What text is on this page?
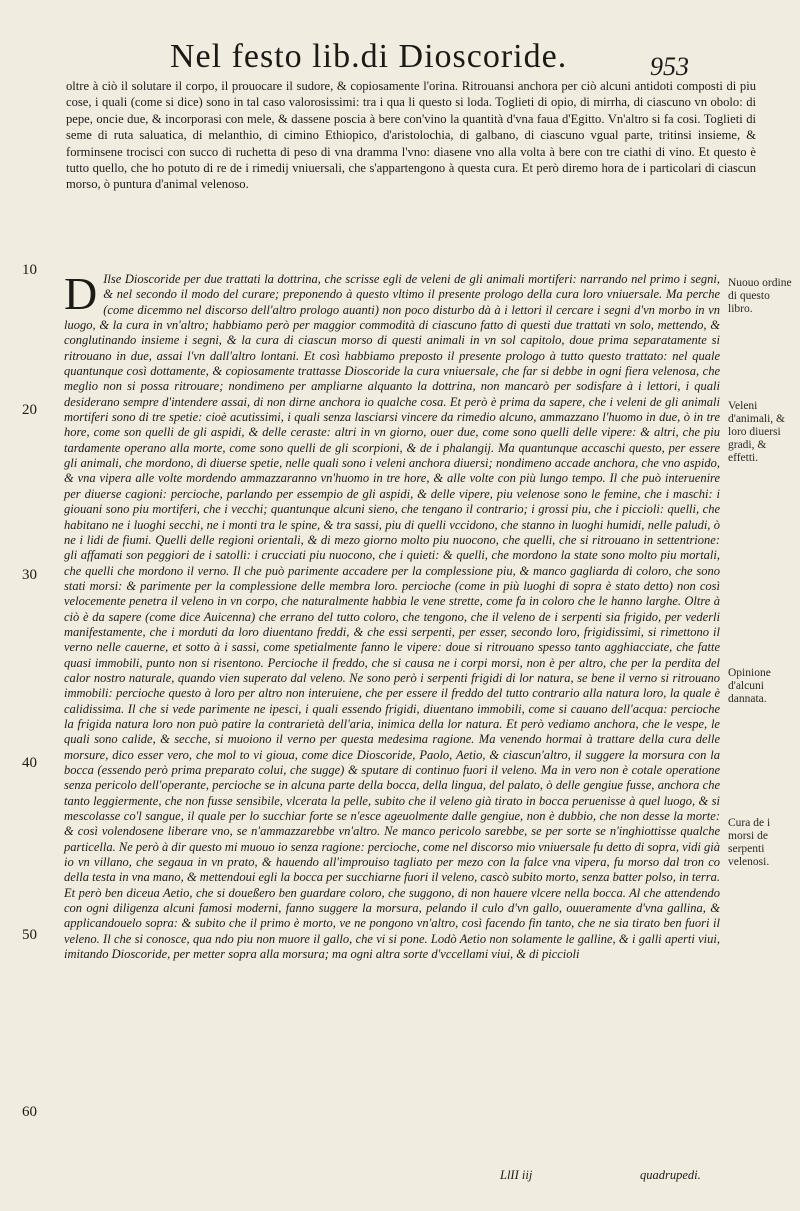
Nel festo lib.di Dioscoride.	953
oltre à ciò il solutare il corpo, il prouocare il sudore, & copiosamente l'orina. Ritrouansi anchora per ciò alcuni antidoti composti di piu cose, i quali (come si dice) sono in tal caso valorosissimi: tra i qua li questo si loda. Toglieti di opio, di mirrha, di ciascuno vn obolo: di pepe, oncie due, & incorporasi con mele, & dassene poscia à bere con'vino la quantità d'vna faua d'Egitto. Vn'altro si fa cosi. Toglieti di seme di ruta saluatica, di melanthio, di cimino Ethiopico, d'aristolochia, di galbano, di ciascuno vgual parte, tritinsi insieme, & forminsene trocisci con succo di ruchetta di peso di vna dramma l'vno: diasene vno alla volta à bere con tre ciathi di vino. Et questo è tutto quello, che ho potuto di re de i rimedij vniuersali, che s'appartengono à questa cura. Et però diremo hora de i particolari di ciascun morso, ò puntura d'animal velenoso.
10
20
30
40
50
60
D Ilse Dioscoride per due trattati la dottrina, che scrisse egli de veleni de gli animali mortiferi: narrando nel primo i segni, & nel secondo il modo del curare; preponendo à questo vltimo il presente prologo della cura loro vniuersale. Ma perche (come dicemmo nel discorso dell'altro prologo auanti) non poco disturbo dà à i lettori il cercare i segni d'vn morbo in vn luogo, & la cura in vn'altro; habbiamo però per maggior commodità di ciascuno fatto di questi due trattati vn solo, mettendo, & conglutinando insieme i segni, & la cura di ciascun morso di questi animali in vn sol capitolo, doue prima separatamente si ritrouano in due, assai l'vn dall'altro lontani. Et così habbiamo prepostο il presente prologo à tutto questo trattato: nel quale quantunque così dottamente, & copiosamente trattasse Dioscoride la cura vniuersale, che far si debbe in ogni fiera velenosa, che meglio non si possa ritrouare; nondimeno per ampliarne alquanto la dottrina, non mancarò per sodisfare à i lettori, i quali desiderano sempre d'intendere assai, di non dirne anchora io qualche cosa. Et però è prima da sapere, che i veleni de gli animali mortiferi sono di tre spetie: cioè acutissimi, i quali senza lasciarsi vincere da rimedio alcuno, ammazzano l'huomo in due, ò in tre hore, come son quelli de gli aspidi, & delle ceraste: altri in vn giorno, ouer due, come sono quelli delle vipere: & altri, che piu tardamente operano alla morte, come sono quelli de gli scorpioni, & de i phalangij. Ma quantunque accaschi questo, per essere gli animali, che mordono, di diuerse spetie, nelle quali sono i veleni anchora diuersi; nondimeno accade anchora, che vno aspido, & vna vipera alle volte mordendo ammazzaranno vn'huomo in tre hore, & alle volte con più lungo tempo. Il che può interuenire per diuerse cagioni: percioche, parlando per essempio de gli aspidi, & delle vipere, piu velenose sono le femine, che i maschi: i giouani sono piu mortiferi, che i vecchi; quantunque alcuni sieno, che tengano il contrario; i grossi piu, che i piccioli: quelli, che habitano ne i luoghi secchi, ne i monti tra le spine, & tra sassi, piu di quelli vccidono, che stanno in luoghi humidi, nelle paludi, ò ne i lidi de fiumi. Quelli delle regioni orientali, & di mezo giorno molto piu nuocono, che quelli, che si ritrouano in settentrione: gli affamati son peggiori de i satolli: i crucciati piu nuocono, che i quieti: & quelli, che mordono la state sono molto piu mortali, che quelli che mordono il verno. Il che può parimente accadere per la complessione piu, & manco gagliarda di coloro, che sono stati morsi: & parimente per la complessione delle membra loro. percioche (come in più luoghi di sopra è stato detto) non così velocemente penetra il veleno in vn corpo, che naturalmente habbia le vene strette, come fa in coloro che le hanno larghe. Oltre à ciò è da sapere (come dice Auicenna) che errano del tutto coloro, che tengono, che il veleno de i serpenti sia frigido, per vederli manifestamente, che i morduti da loro diuentano freddi, & che essi serpenti, per esser, secondo loro, frigidissimi, si rimettono il verno nelle cauerne, et sotto à i sassi, come spetialmente fanno le vipere: doue si ritrouano spesso tanto agghiacciate, che fatte quasi immobili, punto non si risentono. Percioche il freddo, che si causa ne i corpi morsi, non è per altro, che per la perdita del calor nostro naturale, quando vien superato dal veleno. Ne sono però i serpenti frigidi di lor natura, se bene il verno si ritrouano immobili: percioche questo à loro per altro non interuiene, che per essere il freddo del tutto contrario alla natura loro, la quale è calidissima. Il che si vede parimente ne ipesci, i quali essendo frigidi, diuentano immobili, come si cauano dell'acqua: percioche la frigida natura loro non può patire la contrarietà dell'aria, inimica della lor natura. Et però vediamo anchora, che le vespe, le quali sono calide, & secche, si muoiono il verno per questa medesima ragione. Ma venendo hormai à trattare della cura delle morsure, dico esser vero, che mol to vi gioua, come dice Dioscoride, Paolo, Aetio, & ciascun'altro, il suggere la morsura con la bocca (essendo però prima preparato colui, che sugge) & sputare di continuo fuori il veleno. Ma in vero non è cotale operatione senza pericolo dell'operante, percioche se in alcuna parte della bocca, della lingua, del palato, ò delle gengiue fusse, anchora che tanto leggiermente, che non fusse sensibile, vlcerata la pelle, subito che il veleno già tirato in bocca peruenisse à quel luogo, & si mescolasse co'l sangue, il quale per lo succhiar forte se n'esce ageuolmente dalle gengiue, non è dubbio, che non desse la morte: & così volendosene liberare vno, se n'ammazzarebbe vn'altro. Ne manco pericolo sarebbe, se per sorte se n'inghiottisse qualche particella. Ne però à dir questo mi muouo io senza ragione: percioche, come nel discorso mio vniuersale fu detto di sopra, vidi già io vn villano, che segaua in vn prato, & hauendo all'improuiso tagliato per mezo con la falce vna vipera, fu morso dal tron co della testa in vna mano, & mettendoui egli la bocca per succhiarne fuori il veleno, cascò subito morto, senza batter polso, in terra. Et però ben diceua Aetio, che si doueßero ben guardare coloro, che suggono, di non hauere vlcere nella bocca. Al che attendendo con ogni diligenza alcuni famosi moderni, fanno suggere la morsura, pelando il culo d'vn gallo, ouueramente d'vna gallina, & applicandouelo sopra: & subito che il primo è morto, ve ne pongono vn'altro, così facendo fin tanto, che ne sia tirato ben fuori il veleno. Il che si conosce, qua ndo piu non muore il gallo, che vi si pone. Lodò Aetio non solamente le galline, & i galli aperti viui, imitando Dioscoride, per metter sopra alla morsura; ma ogni altra sorte d'vccellami viui, & di piccioli
Nuouo ordine di questo libro.
Veleni d'animali, & loro diuersi gradi, & effetti.
Opinione d'alcuni dannata.
Cura de i morsi de serpenti velenosi.
LlII iij	quadrupedi.
